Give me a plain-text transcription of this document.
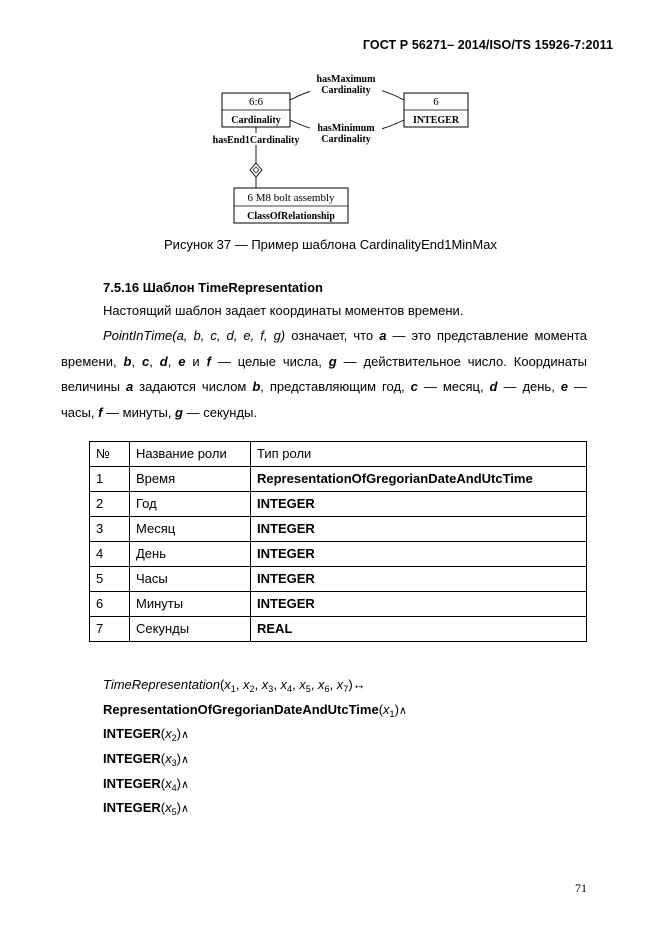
ГОСТ Р 56271– 2014/ISO/TS 15926-7:2011
6:6
Cardinality
6
INTEGER
6 M8 bolt assembly
ClassOfRelationship
hasMaximum
Cardinality
hasMinimum
Cardinality
hasEnd1Cardinality
Рисунок 37 — Пример шаблона CardinalityEnd1MinMax
7.5.16 Шаблон TimeRepresentation
Настоящий шаблон задает координаты моментов времени.
PointInTime(a, b, c, d, e, f, g) означает, что a — это представление момента времени, b, c, d, e и f — целые числа, g — действительное число. Координаты величины a задаются числом b, представляющим год, c — месяц, d — день, e — часы, f — минуты, g — секунды.
№	Название роли	Тип роли
1	Время	RepresentationOfGregorianDateAndUtcTime
2	Год	INTEGER
3	Месяц	INTEGER
4	День	INTEGER
5	Часы	INTEGER
6	Минуты	INTEGER
7	Секунды	REAL
$TimeRepresentation(x_1$, $x_2$, $x_3$, $x_4$, $x_5$, $x_6$, $x_7)\leftrightarrow$
$RepresentationOfGregorianDateAndUtcTime(x_1)\wedge$
$INTEGER(x_2)\wedge$
$INTEGER(x_3)\wedge$
$INTEGER(x_4)\wedge$
$INTEGER(x_5)\wedge$
71
